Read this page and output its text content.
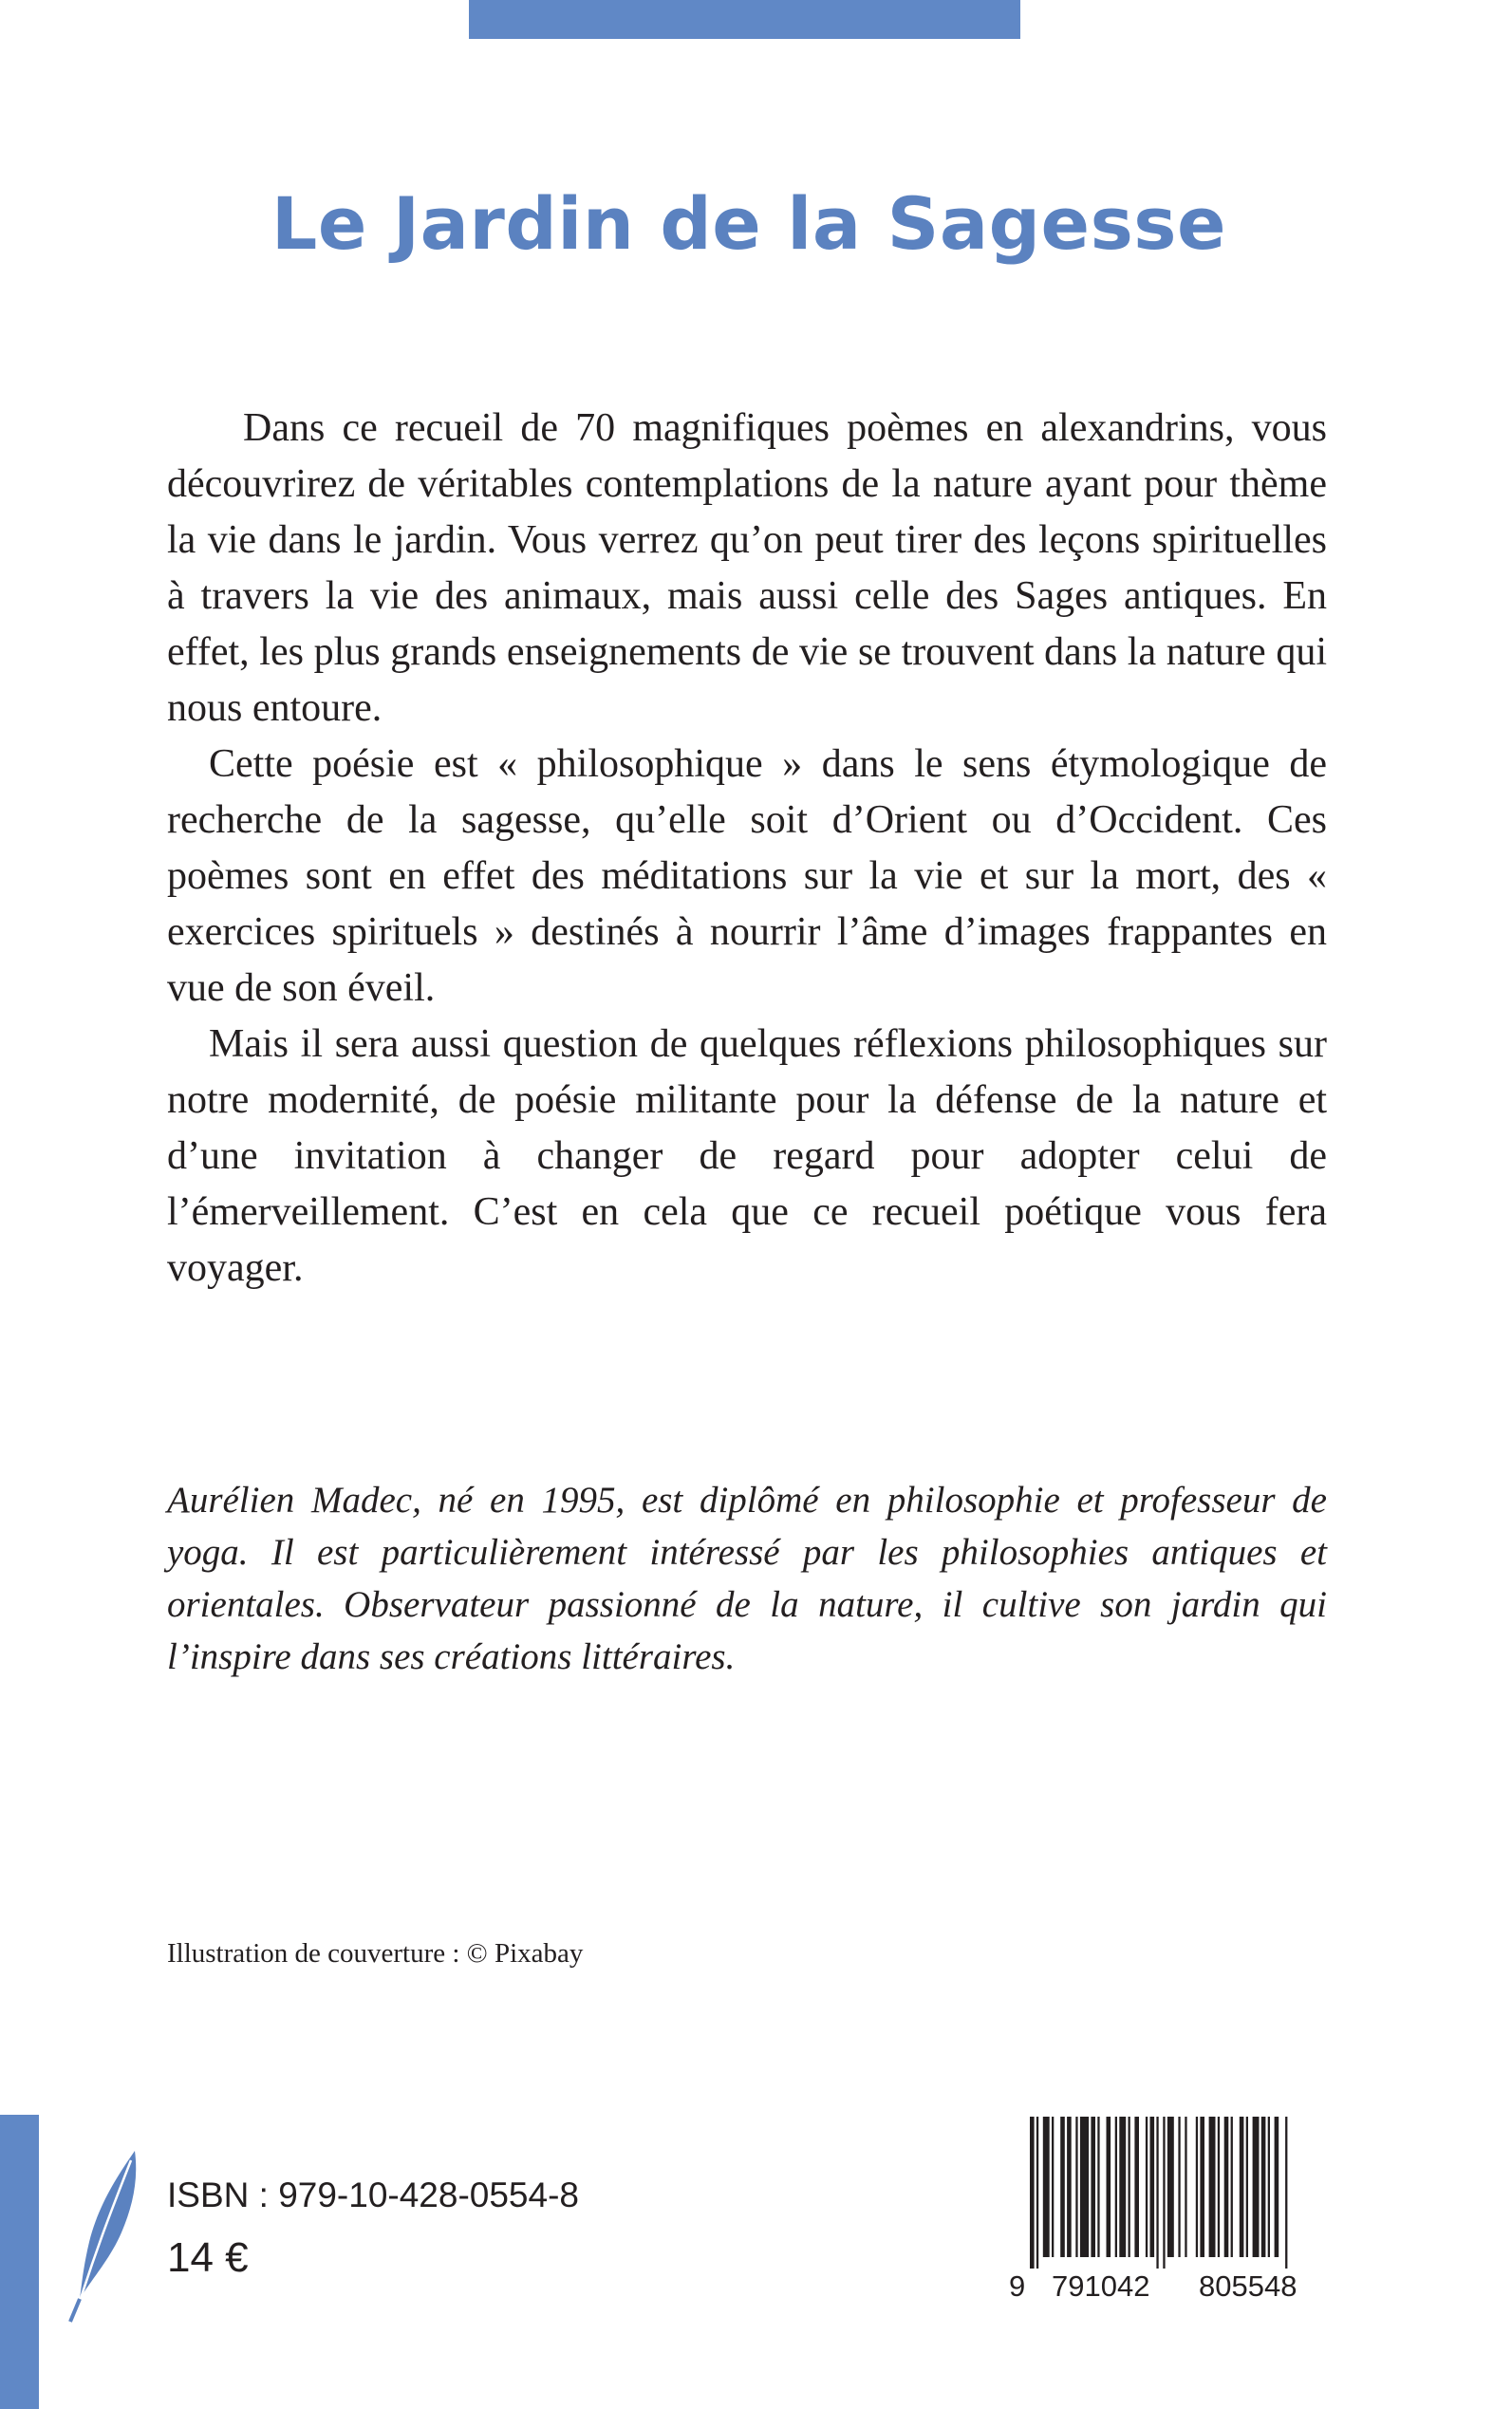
Le Jardin de la Sagesse

Dans ce recueil de 70 magnifiques poèmes en alexandrins, vous découvrirez de véritables contemplations de la nature ayant pour thème la vie dans le jardin. Vous verrez qu’on peut tirer des leçons spirituelles à travers la vie des animaux, mais aussi celle des Sages antiques. En effet, les plus grands enseignements de vie se trouvent dans la nature qui nous entoure.

Cette poésie est « philosophique » dans le sens étymologique de recherche de la sagesse, qu’elle soit d’Orient ou d’Occident. Ces poèmes sont en effet des méditations sur la vie et sur la mort, des « exercices spirituels » destinés à nourrir l’âme d’images frappantes en vue de son éveil.

Mais il sera aussi question de quelques réflexions philosophiques sur notre modernité, de poésie militante pour la défense de la nature et d’une invitation à changer de regard pour adopter celui de l’émerveillement. C’est en cela que ce recueil poétique vous fera voyager.

Aurélien Madec, né en 1995, est diplômé en philosophie et professeur de yoga. Il est particulièrement intéressé par les philosophies antiques et orientales. Observateur passionné de la nature, il cultive son jardin qui l’inspire dans ses créations littéraires.
Illustration de couverture : © Pixabay
ISBN : 979-10-428-0554-8
14 €
9 791042 805548
